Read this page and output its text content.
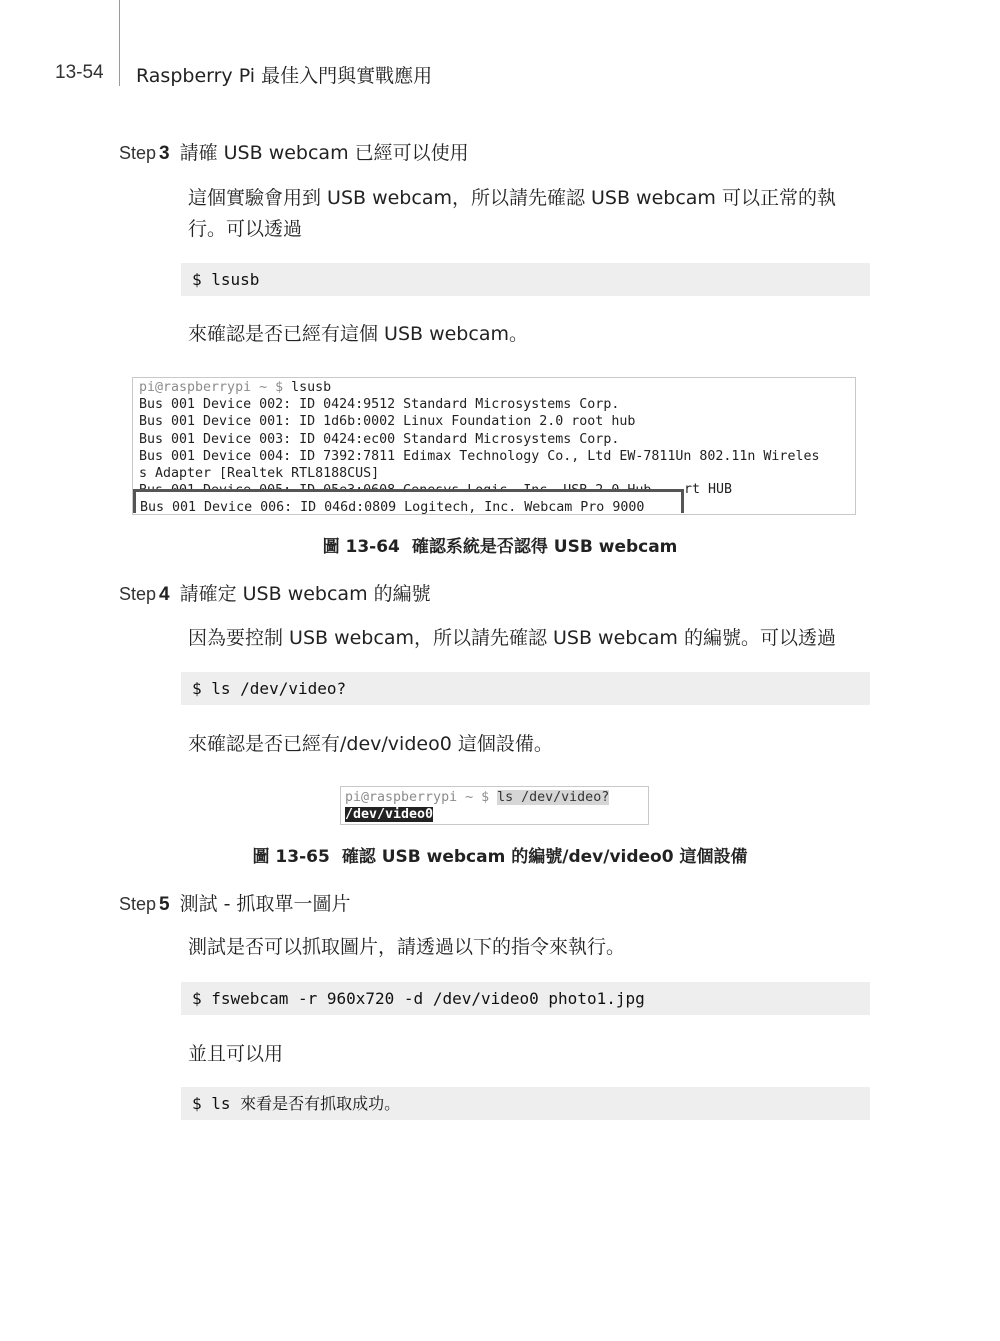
13-54 Raspberry Pi 最佳入門與實戰應用
Step 3 請確 USB webcam 已經可以使用
這個實驗會用到 USB webcam，所以請先確認 USB webcam 可以正常的執
行。可以透過
$ lsusb
來確認是否已經有這個 USB webcam。
pi@raspberrypi ~ $ lsusb
Bus 001 Device 002: ID 0424:9512 Standard Microsystems Corp.
Bus 001 Device 001: ID 1d6b:0002 Linux Foundation 2.0 root hub
Bus 001 Device 003: ID 0424:ec00 Standard Microsystems Corp.
Bus 001 Device 004: ID 7392:7811 Edimax Technology Co., Ltd EW-7811Un 802.11n Wireles
s Adapter [Realtek RTL8188CUS]
rt HUB
Bus 001 Device 006: ID 046d:0809 Logitech, Inc. Webcam Pro 9000
圖 13-64 確認系統是否認得 USB webcam
Step 4 請確定 USB webcam 的編號
因為要控制 USB webcam，所以請先確認 USB webcam 的編號。可以透過
$ ls /dev/video?
來確認是否已經有/dev/video0 這個設備。
pi@raspberrypi ~ $ ls /dev/video?
/dev/video0
圖 13-65 確認 USB webcam 的編號/dev/video0 這個設備
Step 5 測試 - 抓取單一圖片
測試是否可以抓取圖片，請透過以下的指令來執行。
$ fswebcam -r 960x720 -d /dev/video0 photo1.jpg
並且可以用
$ ls 來看是否有抓取成功。
